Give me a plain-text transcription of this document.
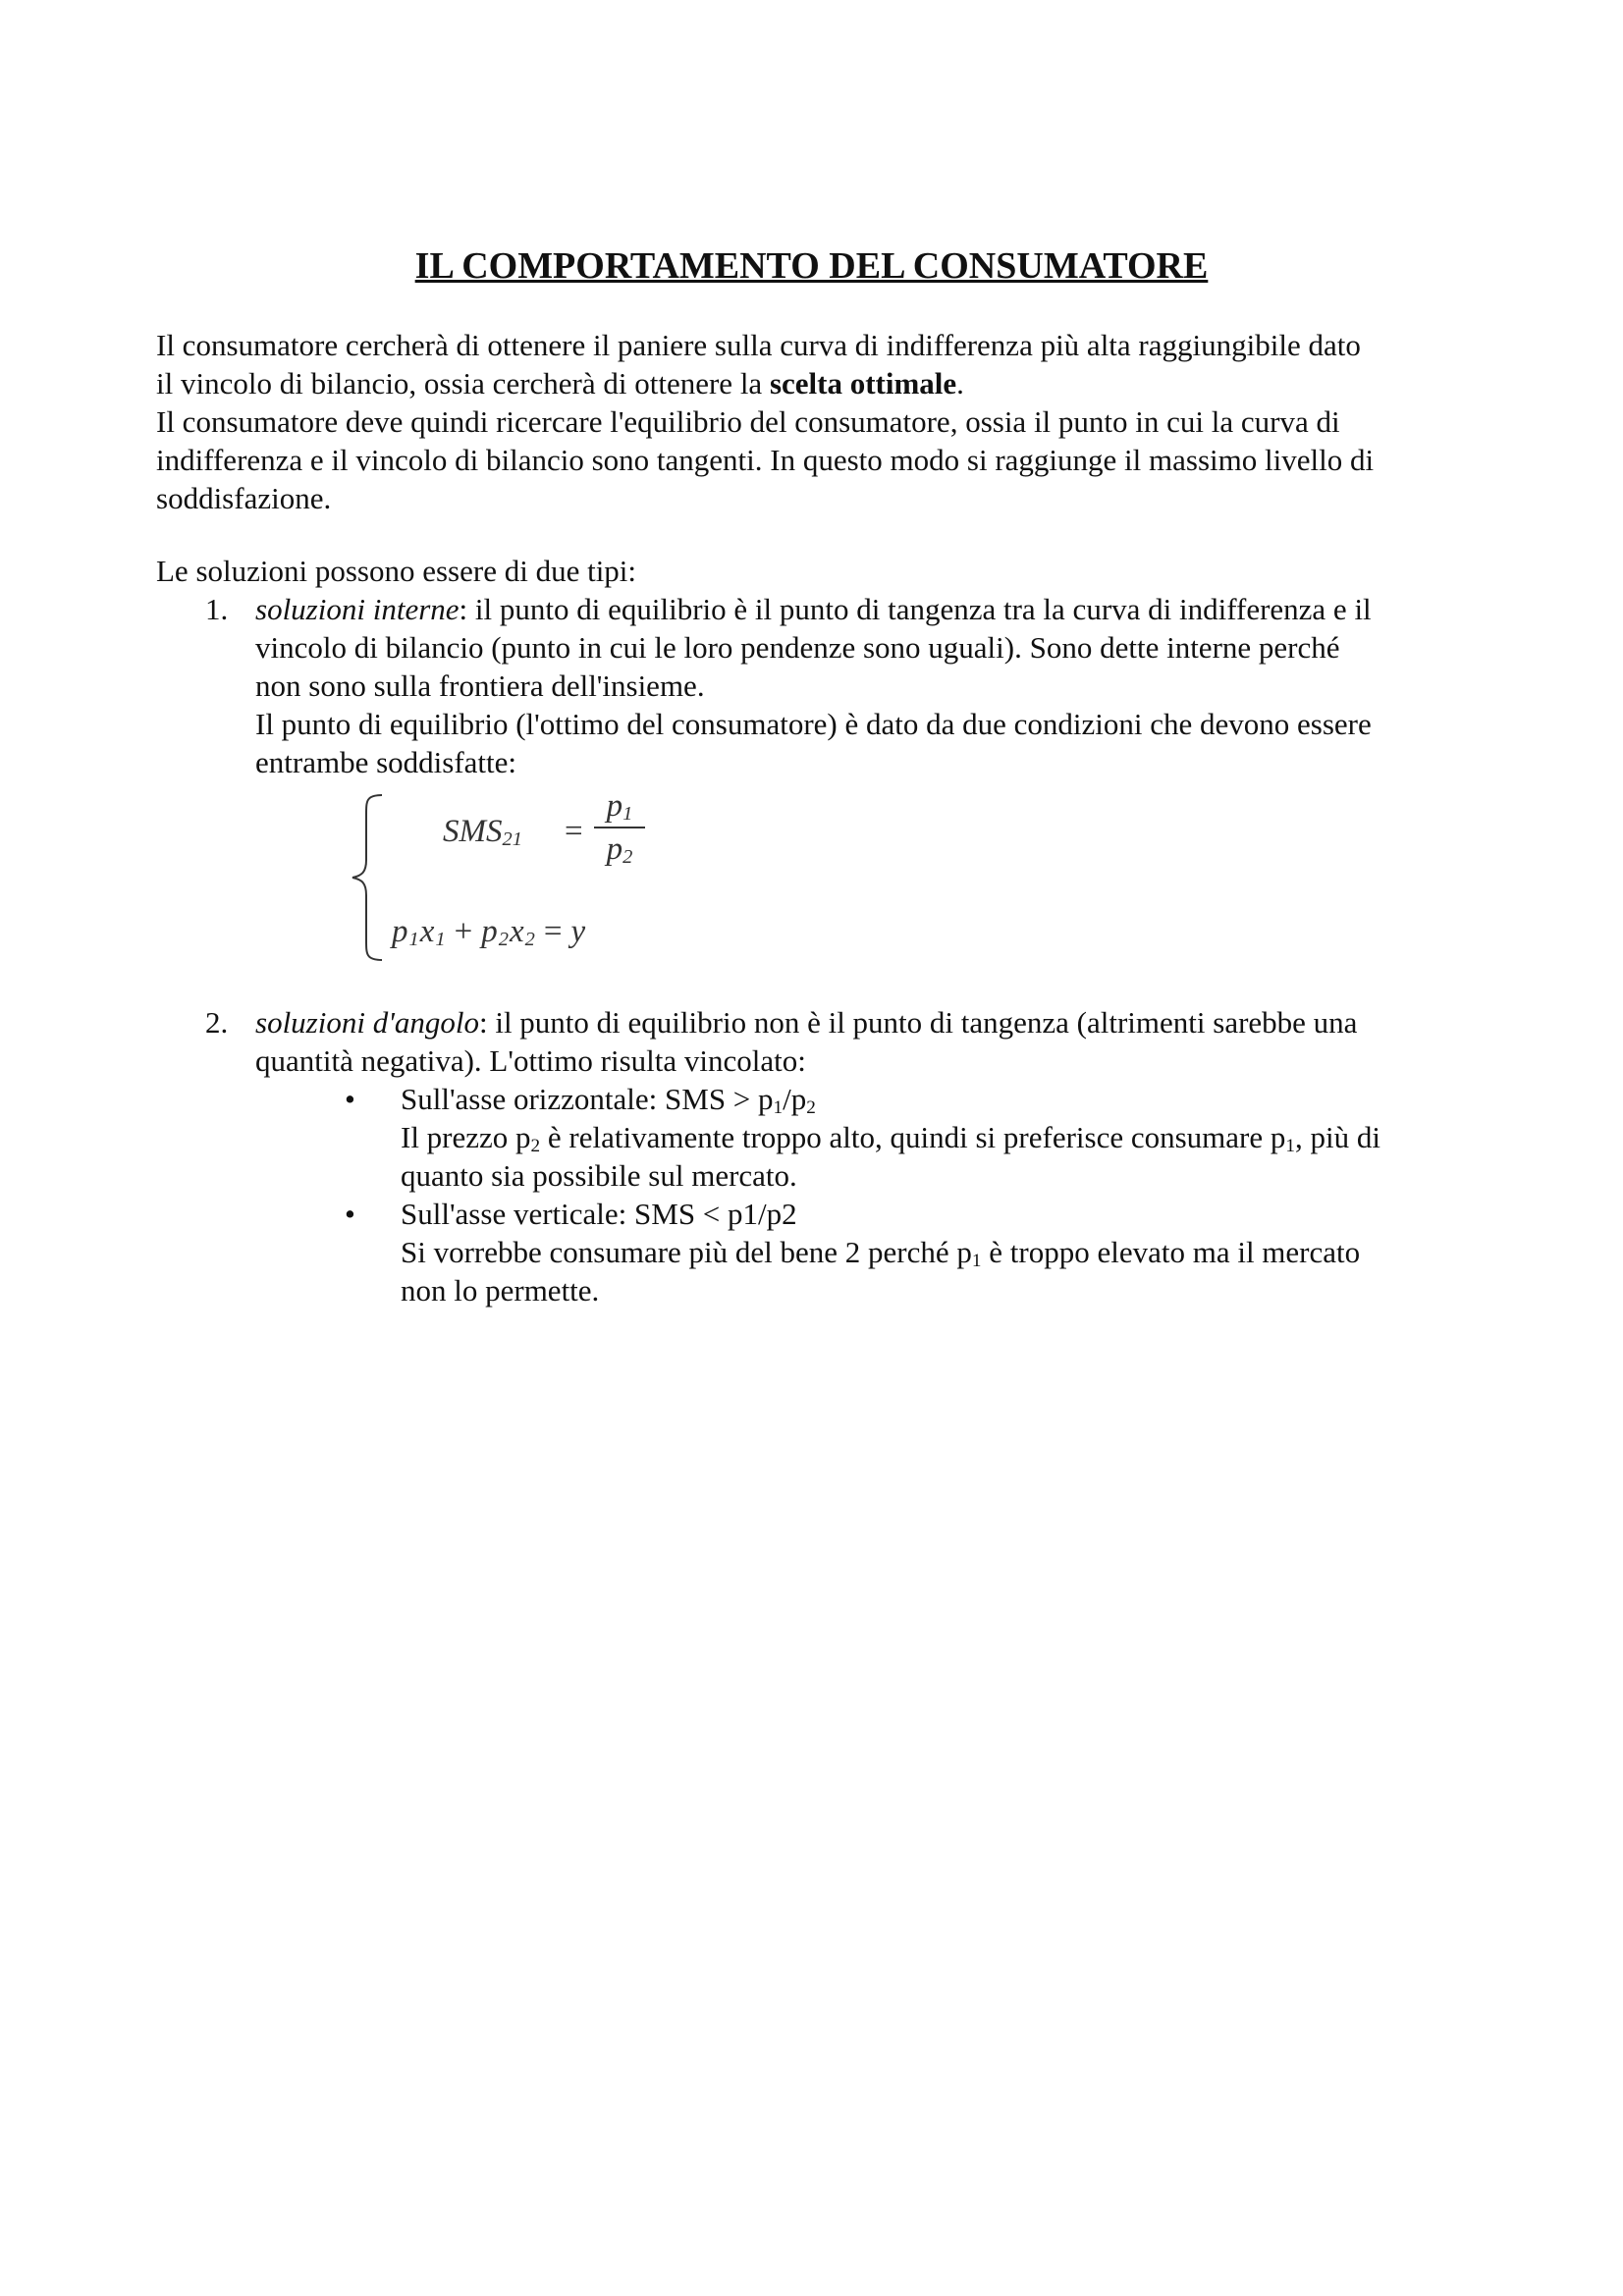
IL COMPORTAMENTO DEL CONSUMATORE
Il consumatore cercherà di ottenere il paniere sulla curva di indifferenza più alta raggiungibile dato
il vincolo di bilancio, ossia cercherà di ottenere la scelta ottimale.
Il consumatore deve quindi ricercare l'equilibrio del consumatore, ossia il punto in cui la curva di
indifferenza e il vincolo di bilancio sono tangenti. In questo modo si raggiunge il massimo livello di
soddisfazione.
Le soluzioni possono essere di due tipi:
1. soluzioni interne: il punto di equilibrio è il punto di tangenza tra la curva di indifferenza e il
vincolo di bilancio (punto in cui le loro pendenze sono uguali). Sono dette interne perché
non sono sulla frontiera dell'insieme.
Il punto di equilibrio (l'ottimo del consumatore) è dato da due condizioni che devono essere
entrambe soddisfatte:
$SMS_{21}$ =
$p_1$
$p_2$
$p_1x_1 + p_2x_2 = y$
2. soluzioni d'angolo: il punto di equilibrio non è il punto di tangenza (altrimenti sarebbe una
quantità negativa). L'ottimo risulta vincolato:
• Sull'asse orizzontale: SMS > $p_1/p_2$
Il prezzo $p_2$ è relativamente troppo alto, quindi si preferisce consumare $p_1$, più di
quanto sia possibile sul mercato.
• Sull'asse verticale: SMS < p1/p2
Si vorrebbe consumare più del bene 2 perché $p_1$ è troppo elevato ma il mercato
non lo permette.
